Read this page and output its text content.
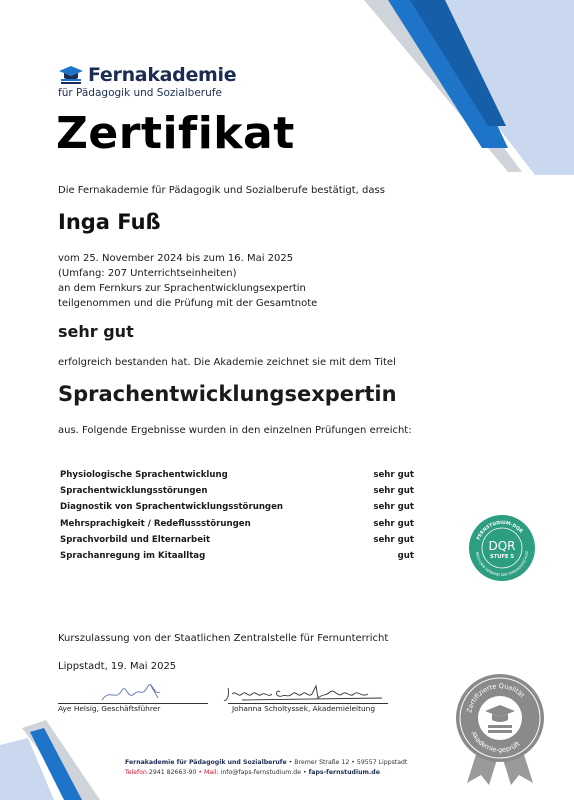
Fernakademie
für Pädagogik und Sozialberufe
Zertifikat
Die Fernakademie für Pädagogik und Sozialberufe bestätigt, dass
Inga Fuß
vom 25. November 2024 bis zum 16. Mai 2025
(Umfang: 207 Unterrichtseinheiten)
an dem Fernkurs zur Sprachentwicklungsexpertin
teilgenommen und die Prüfung mit der Gesamtnote
sehr gut
erfolgreich bestanden hat. Die Akademie zeichnet sie mit dem Titel
Sprachentwicklungsexpertin
aus. Folgende Ergebnisse wurden in den einzelnen Prüfungen erreicht:
Physiologische Sprachentwicklung	sehr gut
Sprachentwicklungsstörungen	sehr gut
Diagnostik von Sprachentwicklungsstörungen	sehr gut
Mehrsprachigkeit / Redeflussstörungen	sehr gut
Sprachvorbild und Elternarbeit	sehr gut
Sprachanregung im Kitaalltag	gut
FERNSTUDIUM-DQR
NACH DEM VERBAND DER FERNHOCHSCHULE
DQR
STUFE 5
Kurszulassung von der Staatlichen Zentralstelle für Fernunterricht
Lippstadt, 19. Mai 2025
Aye Helsig, Geschäftsführer	Johanna Scholtyssek, Akademieleitung	Zertifizierte Qualität
Akademie-geprüft
Fernakademie für Pädagogik und Sozialberufe • Bremer Straße 12 • 59557 Lippstadt
Telefon 2941 82663-90 • Mail: info@faps-fernstudium.de • faps-fernstudium.de
